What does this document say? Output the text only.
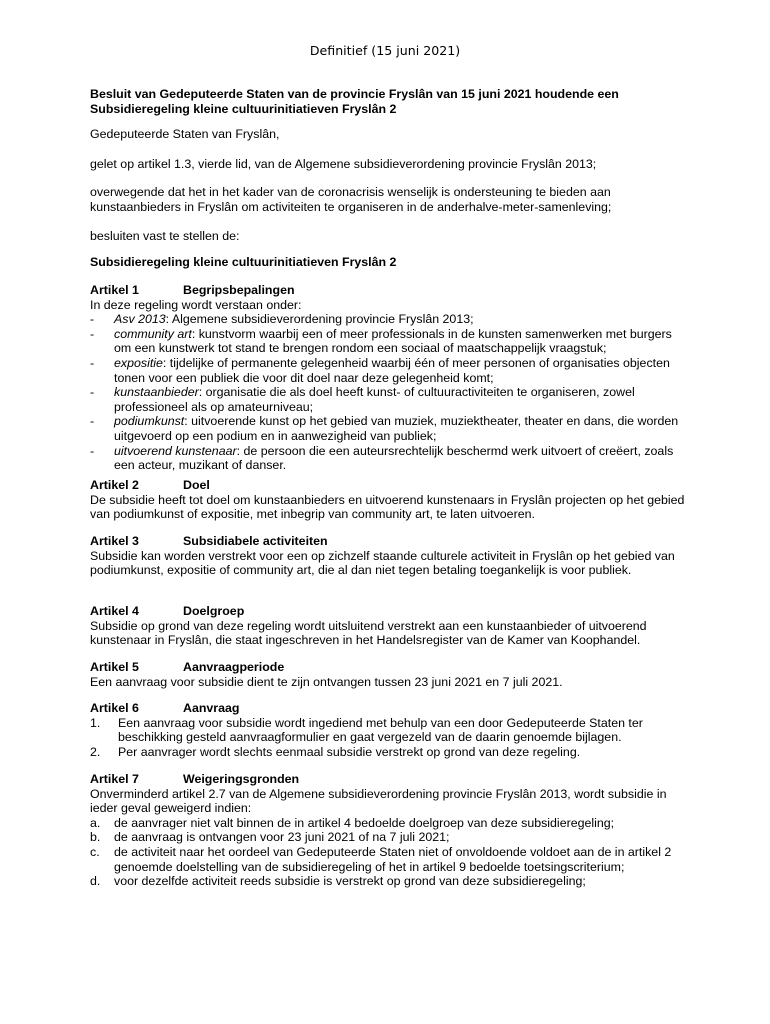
Definitief (15 juni 2021)
Besluit van Gedeputeerde Staten van de provincie Fryslân van 15 juni 2021 houdende een Subsidieregeling kleine cultuurinitiatieven Fryslân 2
Gedeputeerde Staten van Fryslân,
gelet op artikel 1.3, vierde lid, van de Algemene subsidieverordening provincie Fryslân 2013;
overwegende dat het in het kader van de coronacrisis wenselijk is ondersteuning te bieden aan kunstaanbieders in Fryslân om activiteiten te organiseren in de anderhalve-meter-samenleving;
besluiten vast te stellen de:
Subsidieregeling kleine cultuurinitiatieven Fryslân 2
Artikel 1	Begripsbepalingen

In deze regeling wordt verstaan onder:

- Asv 2013: Algemene subsidieverordening provincie Fryslân 2013;
- community art: kunstvorm waarbij een of meer professionals in de kunsten samenwerken met burgers om een kunstwerk tot stand te brengen rondom een sociaal of maatschappelijk vraagstuk;
- expositie: tijdelijke of permanente gelegenheid waarbij één of meer personen of organisaties objecten tonen voor een publiek die voor dit doel naar deze gelegenheid komt;
- kunstaanbieder: organisatie die als doel heeft kunst- of cultuuractiviteiten te organiseren, zowel professioneel als op amateurniveau;
- podiumkunst: uitvoerende kunst op het gebied van muziek, muziektheater, theater en dans, die worden uitgevoerd op een podium en in aanwezigheid van publiek;
- uitvoerend kunstenaar: de persoon die een auteursrechtelijk beschermd werk uitvoert of creëert, zoals een acteur, muzikant of danser.
Artikel 2	Doel

De subsidie heeft tot doel om kunstaanbieders en uitvoerend kunstenaars in Fryslân projecten op het gebied van podiumkunst of expositie, met inbegrip van community art, te laten uitvoeren.

Artikel 3	Subsidiabele activiteiten

Subsidie kan worden verstrekt voor een op zichzelf staande culturele activiteit in Fryslân op het gebied van podiumkunst, expositie of community art, die al dan niet tegen betaling toegankelijk is voor publiek.

Artikel 4	Doelgroep

Subsidie op grond van deze regeling wordt uitsluitend verstrekt aan een kunstaanbieder of uitvoerend kunstenaar in Fryslân, die staat ingeschreven in het Handelsregister van de Kamer van Koophandel.

Artikel 5	Aanvraagperiode

Een aanvraag voor subsidie dient te zijn ontvangen tussen 23 juni 2021 en 7 juli 2021.

Artikel 6	Aanvraag
1. Een aanvraag voor subsidie wordt ingediend met behulp van een door Gedeputeerde Staten ter beschikking gesteld aanvraagformulier en gaat vergezeld van de daarin genoemde bijlagen.
2. Per aanvrager wordt slechts eenmaal subsidie verstrekt op grond van deze regeling.
Artikel 7	Weigeringsgronden

Onverminderd artikel 2.7 van de Algemene subsidieverordening provincie Fryslân 2013, wordt subsidie in ieder geval geweigerd indien:

a. de aanvrager niet valt binnen de in artikel 4 bedoelde doelgroep van deze subsidieregeling;
b. de aanvraag is ontvangen voor 23 juni 2021 of na 7 juli 2021;
c. de activiteit naar het oordeel van Gedeputeerde Staten niet of onvoldoende voldoet aan de in artikel 2 genoemde doelstelling van de subsidieregeling of het in artikel 9 bedoelde toetsingscriterium;
d. voor dezelfde activiteit reeds subsidie is verstrekt op grond van deze subsidieregeling;
